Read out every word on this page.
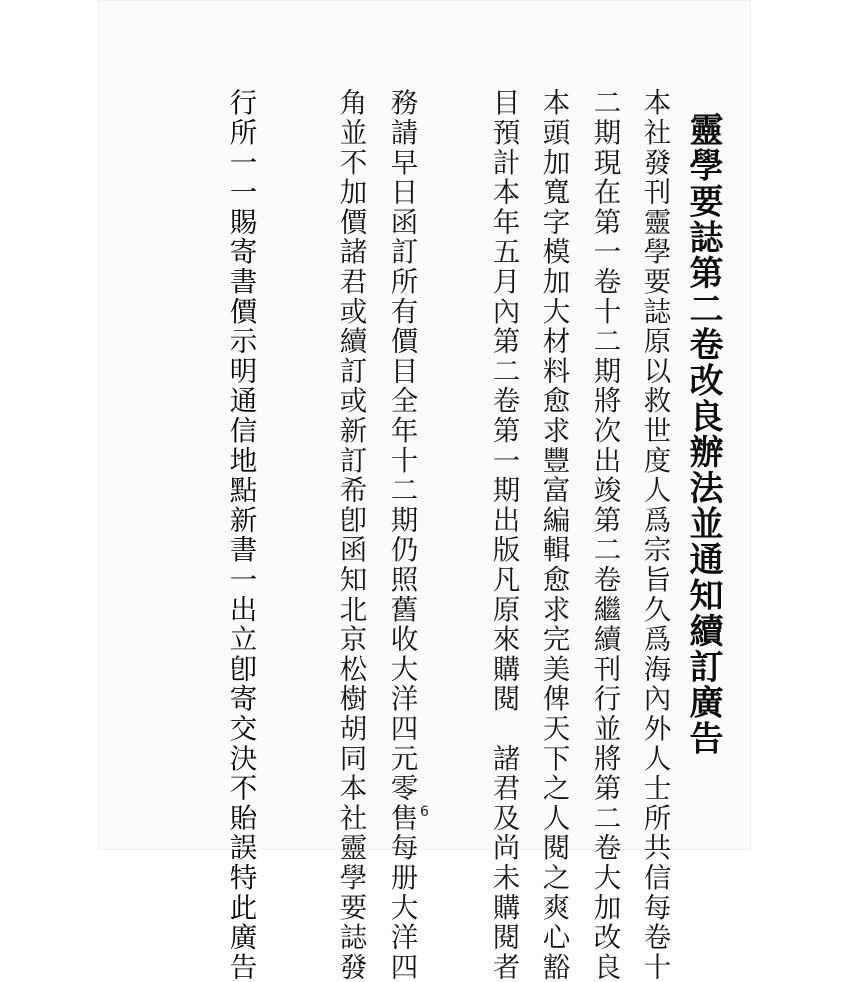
靈學要誌第二卷改良辦法並通知續訂廣告
本社發刊靈學要誌原以救世度人爲宗旨久爲海內外人士所共信每卷十
二期現在第一卷十二期將次出竣第二卷繼續刊行並將第二卷大加改良
本頭加寬字模加大材料愈求豐富編輯愈求完美俾天下之人閱之爽心豁
目預計本年五月內第二卷第一期出版凡原來購閱　諸君及尚未購閱者
務請早日函訂所有價目全年十二期仍照舊收大洋四元零售每册大洋四
角並不加價諸君或續訂或新訂希卽函知北京松樹胡同本社靈學要誌發
行所一一賜寄書價示明通信地點新書一出立卽寄交決不貽誤特此廣告	6
